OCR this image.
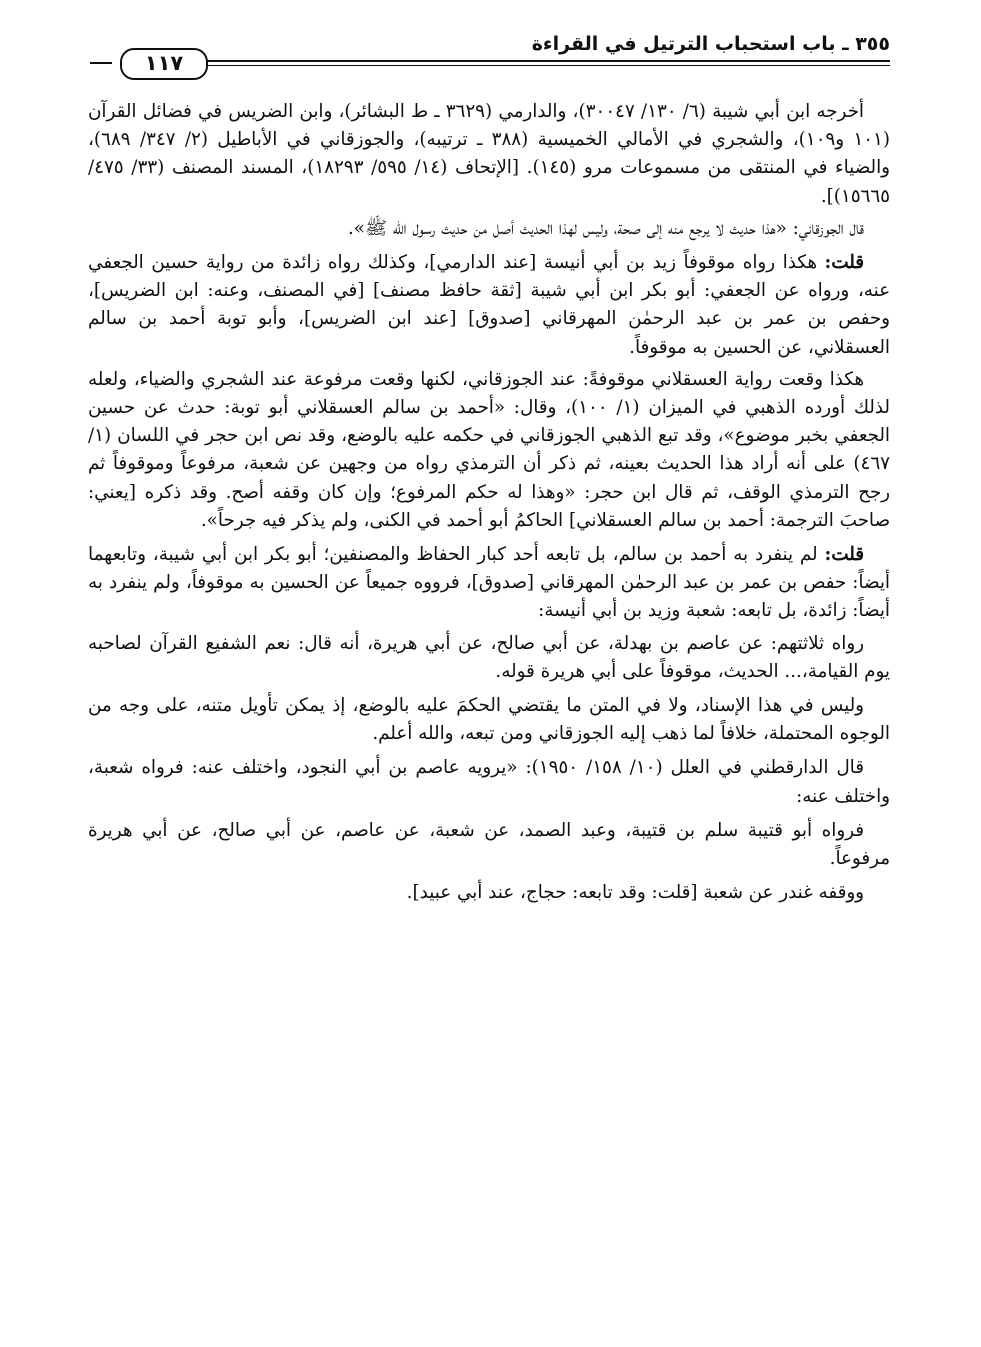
٣٥٥ ـ باب استحباب الترتيل في القراءة
١١٧

أخرجه ابن أبي شيبة (٦/ ١٣٠/ ٣٠٠٤٧)، والدارمي (٣٦٢٩ ـ ط البشائر)، وابن الضريس في فضائل القرآن (١٠١ و١٠٩)، والشجري في الأمالي الخميسية (٣٨٨ ـ ترتيبه)، والجوزقاني في الأباطيل (٢/ ٣٤٧/ ٦٨٩)، والضياء في المنتقى من مسموعات مرو (١٤٥). [الإتحاف (١٤/ ٥٩٥/ ١٨٢٩٣)، المسند المصنف (٣٣/ ٤٧٥/ ١٥٦٦٥)].

قال الجوزقاني: «هذا حديث لا يرجع منه إلى صحة، وليس لهذا الحديث أصل من حديث رسول الله ﷺ».

قلت: هكذا رواه موقوفاً زيد بن أبي أنيسة [عند الدارمي]، وكذلك رواه زائدة من رواية حسين الجعفي عنه، ورواه عن الجعفي: أبو بكر ابن أبي شيبة [ثقة حافظ مصنف] [في المصنف، وعنه: ابن الضريس]، وحفص بن عمر بن عبد الرحمٰن المهرقاني [صدوق] [عند ابن الضريس]، وأبو توبة أحمد بن سالم العسقلاني، عن الحسين به موقوفاً.

هكذا وقعت رواية العسقلاني موقوفةً: عند الجوزقاني، لكنها وقعت مرفوعة عند الشجري والضياء، ولعله لذلك أورده الذهبي في الميزان (١/ ١٠٠)، وقال: «أحمد بن سالم العسقلاني أبو توبة: حدث عن حسين الجعفي بخبر موضوع»، وقد تبع الذهبي الجوزقاني في حكمه عليه بالوضع، وقد نص ابن حجر في اللسان (١/ ٤٦٧) على أنه أراد هذا الحديث بعينه، ثم ذكر أن الترمذي رواه من وجهين عن شعبة، مرفوعاً وموقوفاً ثم رجح الترمذي الوقف، ثم قال ابن حجر: «وهذا له حكم المرفوع؛ وإن كان وقفه أصح. وقد ذكره [يعني: صاحبَ الترجمة: أحمد بن سالم العسقلاني] الحاكمُ أبو أحمد في الكنى، ولم يذكر فيه جرحاً».

قلت: لم ينفرد به أحمد بن سالم، بل تابعه أحد كبار الحفاظ والمصنفين؛ أبو بكر ابن أبي شيبة، وتابعهما أيضاً: حفص بن عمر بن عبد الرحمٰن المهرقاني [صدوق]، فرووه جميعاً عن الحسين به موقوفاً، ولم ينفرد به أيضاً: زائدة، بل تابعه: شعبة وزيد بن أبي أنيسة:

رواه ثلاثتهم: عن عاصم بن بهدلة، عن أبي صالح، عن أبي هريرة، أنه قال: نعم الشفيع القرآن لصاحبه يوم القيامة،... الحديث، موقوفاً على أبي هريرة قوله.

وليس في هذا الإسناد، ولا في المتن ما يقتضي الحكمَ عليه بالوضع، إذ يمكن تأويل متنه، على وجه من الوجوه المحتملة، خلافاً لما ذهب إليه الجوزقاني ومن تبعه، والله أعلم.

قال الدارقطني في العلل (١٠/ ١٥٨/ ١٩٥٠): «يرويه عاصم بن أبي النجود، واختلف عنه: فرواه شعبة، واختلف عنه:

فرواه أبو قتيبة سلم بن قتيبة، وعبد الصمد، عن شعبة، عن عاصم، عن أبي صالح، عن أبي هريرة مرفوعاً.

ووقفه غندر عن شعبة [قلت: وقد تابعه: حجاج، عند أبي عبيد].
